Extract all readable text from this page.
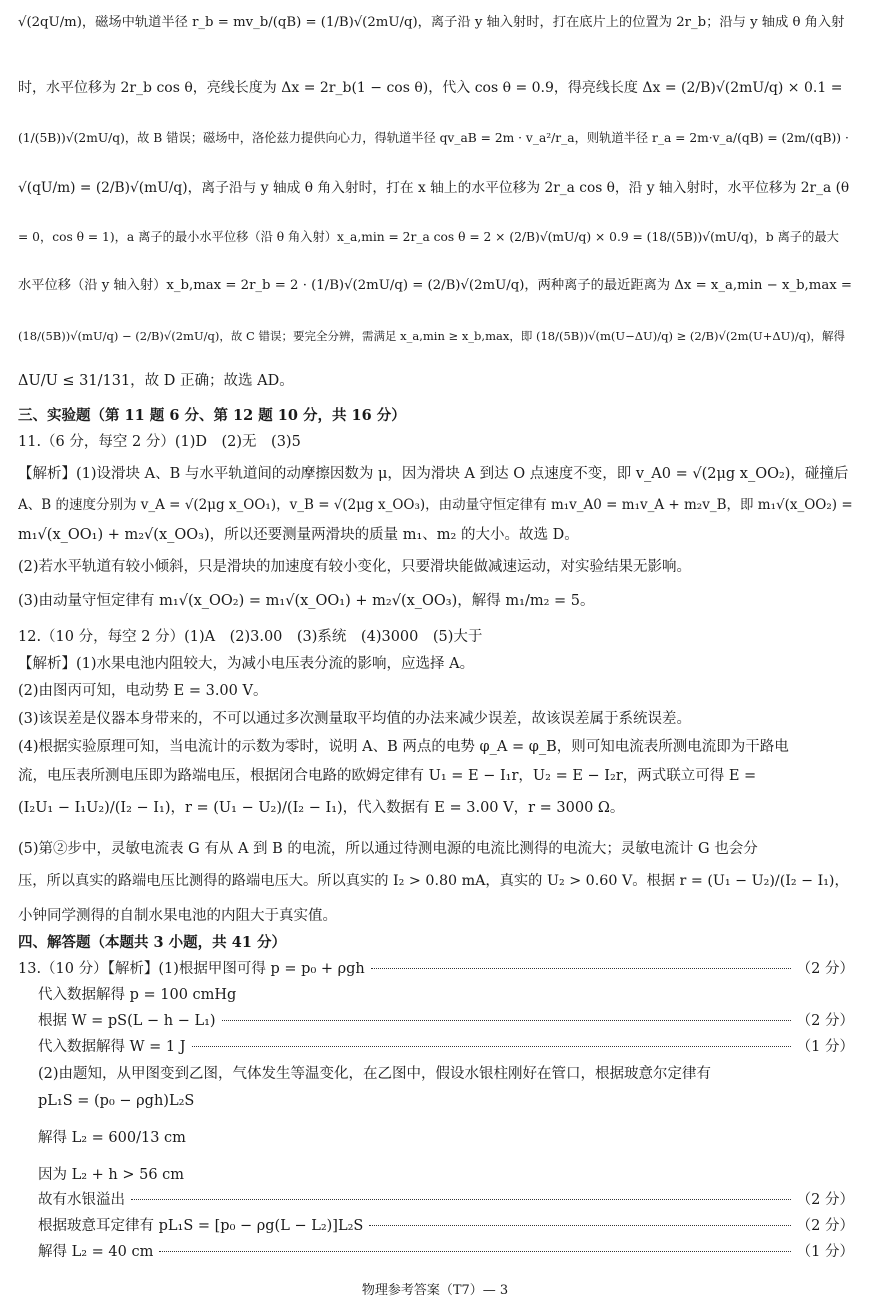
√(2qU/m)，磁场中轨道半径 r_b = mv_b/(qB) = (1/B)√(2mU/q)，离子沿 y 轴入射时，打在底片上的位置为 2r_b；沿与 y 轴成 θ 角入射
时，水平位移为 2r_b cos θ，亮线长度为 Δx = 2r_b(1 − cos θ)，代入 cos θ = 0.9，得亮线长度 Δx = (2/B)√(2mU/q) × 0.1 =
(1/(5B))√(2mU/q)，故 B 错误；磁场中，洛伦兹力提供向心力，得轨道半径 qv_aB = 2m · v_a²/r_a，则轨道半径 r_a = 2m·v_a/(qB) = (2m/(qB)) ·
√(qU/m) = (2/B)√(mU/q)，离子沿与 y 轴成 θ 角入射时，打在 x 轴上的水平位移为 2r_a cos θ，沿 y 轴入射时，水平位移为 2r_a (θ
= 0，cos θ = 1)，a 离子的最小水平位移（沿 θ 角入射）x_a,min = 2r_a cos θ = 2 × (2/B)√(mU/q) × 0.9 = (18/(5B))√(mU/q)，b 离子的最大
水平位移（沿 y 轴入射）x_b,max = 2r_b = 2 · (1/B)√(2mU/q) = (2/B)√(2mU/q)，两种离子的最近距离为 Δx = x_a,min − x_b,max =
(18/(5B))√(mU/q) − (2/B)√(2mU/q)，故 C 错误；要完全分辨，需满足 x_a,min ≥ x_b,max，即 (18/(5B))√(m(U−ΔU)/q) ≥ (2/B)√(2m(U+ΔU)/q)，解得
ΔU/U ≤ 31/131，故 D 正确；故选 AD。
三、实验题（第 11 题 6 分、第 12 题 10 分，共 16 分）
11.（6 分，每空 2 分）(1)D　(2)无　(3)5
【解析】(1)设滑块 A、B 与水平轨道间的动摩擦因数为 μ，因为滑块 A 到达 O 点速度不变，即 v_A0 = √(2μg x_OO₂)，碰撞后
A、B 的速度分别为 v_A = √(2μg x_OO₁)，v_B = √(2μg x_OO₃)，由动量守恒定律有 m₁v_A0 = m₁v_A + m₂v_B，即 m₁√(x_OO₂) =
m₁√(x_OO₁) + m₂√(x_OO₃)，所以还要测量两滑块的质量 m₁、m₂ 的大小。故选 D。
(2)若水平轨道有较小倾斜，只是滑块的加速度有较小变化，只要滑块能做减速运动，对实验结果无影响。
(3)由动量守恒定律有 m₁√(x_OO₂) = m₁√(x_OO₁) + m₂√(x_OO₃)，解得 m₁/m₂ = 5。
12.（10 分，每空 2 分）(1)A　(2)3.00　(3)系统　(4)3000　(5)大于
【解析】(1)水果电池内阻较大，为减小电压表分流的影响，应选择 A。
(2)由图丙可知，电动势 E = 3.00 V。
(3)该误差是仪器本身带来的，不可以通过多次测量取平均值的办法来减少误差，故该误差属于系统误差。
(4)根据实验原理可知，当电流计的示数为零时，说明 A、B 两点的电势 φ_A = φ_B，则可知电流表所测电流即为干路电
流，电压表所测电压即为路端电压，根据闭合电路的欧姆定律有 U₁ = E − I₁r，U₂ = E − I₂r，两式联立可得 E =
(I₂U₁ − I₁U₂)/(I₂ − I₁)，r = (U₁ − U₂)/(I₂ − I₁)，代入数据有 E = 3.00 V，r = 3000 Ω。
(5)第②步中，灵敏电流表 G 有从 A 到 B 的电流，所以通过待测电源的电流比测得的电流大；灵敏电流计 G 也会分
压，所以真实的路端电压比测得的路端电压大。所以真实的 I₂ > 0.80 mA，真实的 U₂ > 0.60 V。根据 r = (U₁ − U₂)/(I₂ − I₁)，
小钟同学测得的自制水果电池的内阻大于真实值。
四、解答题（本题共 3 小题，共 41 分）
13.（10 分）【解析】(1)根据甲图可得 p = p₀ + ρgh	（2 分）
代入数据解得 p = 100 cmHg
根据 W = pS(L − h − L₁)	（2 分）
代入数据解得 W = 1 J	（1 分）
(2)由题知，从甲图变到乙图，气体发生等温变化，在乙图中，假设水银柱刚好在管口，根据玻意尔定律有
pL₁S = (p₀ − ρgh)L₂S
解得 L₂ = 600/13 cm
因为 L₂ + h > 56 cm
故有水银溢出	（2 分）
根据玻意耳定律有 pL₁S = [p₀ − ρg(L − L₂)]L₂S	（2 分）
解得 L₂ = 40 cm	（1 分）
物理参考答案（T7）— 3
